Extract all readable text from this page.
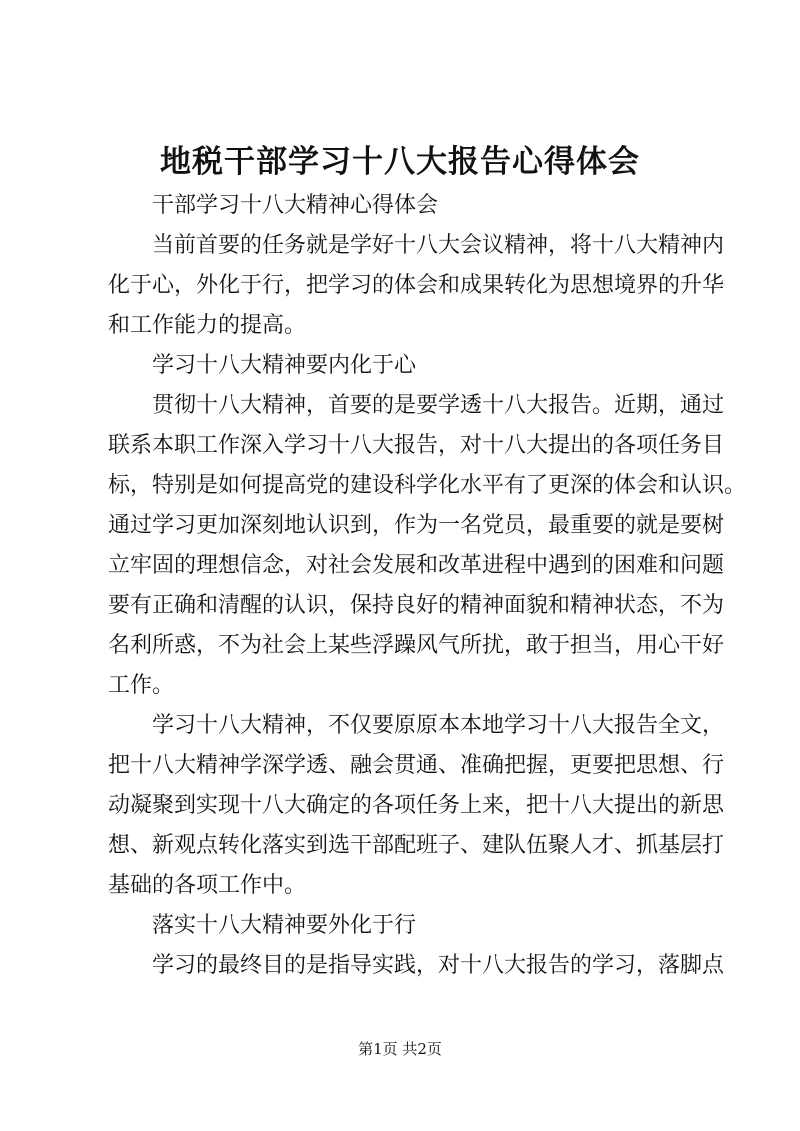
地税干部学习十八大报告心得体会
干部学习十八大精神心得体会
当前首要的任务就是学好十八大会议精神，将十八大精神内
化于心，外化于行，把学习的体会和成果转化为思想境界的升华
和工作能力的提高。
学习十八大精神要内化于心
贯彻十八大精神，首要的是要学透十八大报告。近期，通过
联系本职工作深入学习十八大报告，对十八大提出的各项任务目
标，特别是如何提高党的建设科学化水平有了更深的体会和认识。
通过学习更加深刻地认识到，作为一名党员，最重要的就是要树
立牢固的理想信念，对社会发展和改革进程中遇到的困难和问题
要有正确和清醒的认识，保持良好的精神面貌和精神状态，不为
名利所惑，不为社会上某些浮躁风气所扰，敢于担当，用心干好
工作。
学习十八大精神，不仅要原原本本地学习十八大报告全文，
把十八大精神学深学透、融会贯通、准确把握，更要把思想、行
动凝聚到实现十八大确定的各项任务上来，把十八大提出的新思
想、新观点转化落实到选干部配班子、建队伍聚人才、抓基层打
基础的各项工作中。
落实十八大精神要外化于行
学习的最终目的是指导实践，对十八大报告的学习，落脚点
第1页 共2页
